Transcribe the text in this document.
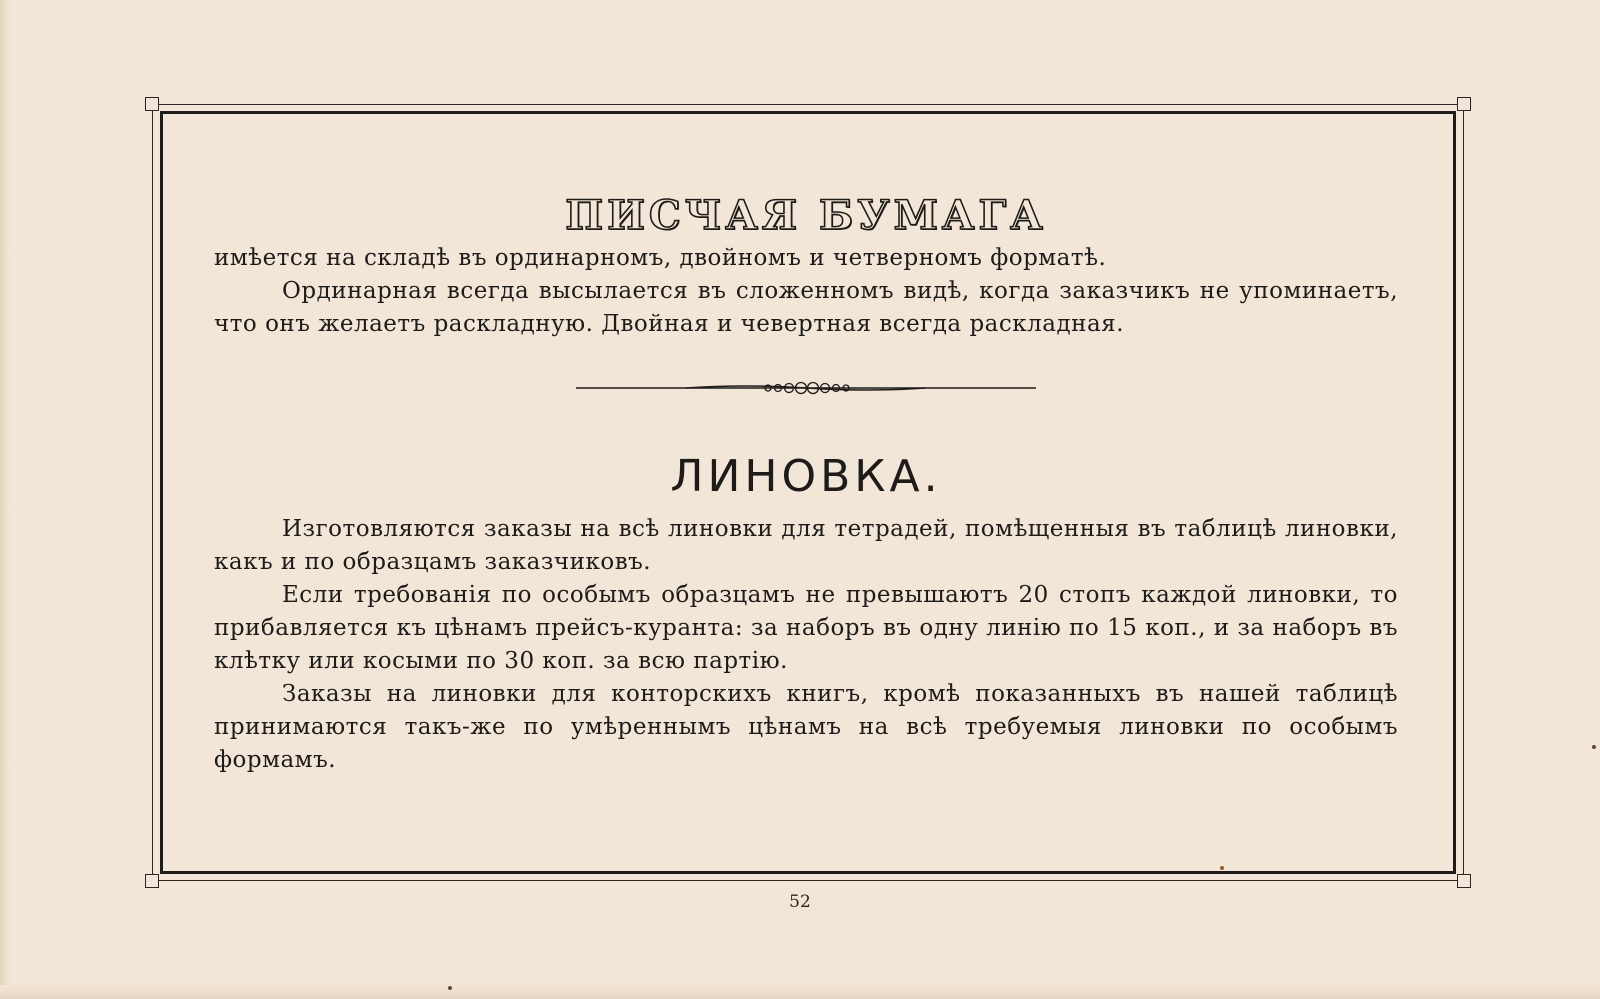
ПИСЧАЯ БУМАГА

имѣется на складѣ въ ординарномъ, двойномъ и четверномъ форматѣ.

Ординарная всегда высылается въ сложенномъ видѣ, когда заказчикъ не упоминаетъ, что онъ желаетъ раскладную. Двойная и чевертная всегда раскладная.

ЛИНОВКА.

Изготовляются заказы на всѣ линовки для тетрадей, помѣщенныя въ таблицѣ линовки, какъ и по образцамъ заказчиковъ.

Если требованія по особымъ образцамъ не превышаютъ 20 стопъ каждой линовки, то прибавляется къ цѣнамъ прейсъ-куранта: за наборъ въ одну линію по 15 коп., и за наборъ въ клѣтку или косыми по 30 коп. за всю партію.

Заказы на линовки для конторскихъ книгъ, кромѣ показанныхъ въ нашей таблицѣ принимаются такъ-же по умѣреннымъ цѣнамъ на всѣ требуемыя линовки по особымъ формамъ.

52
